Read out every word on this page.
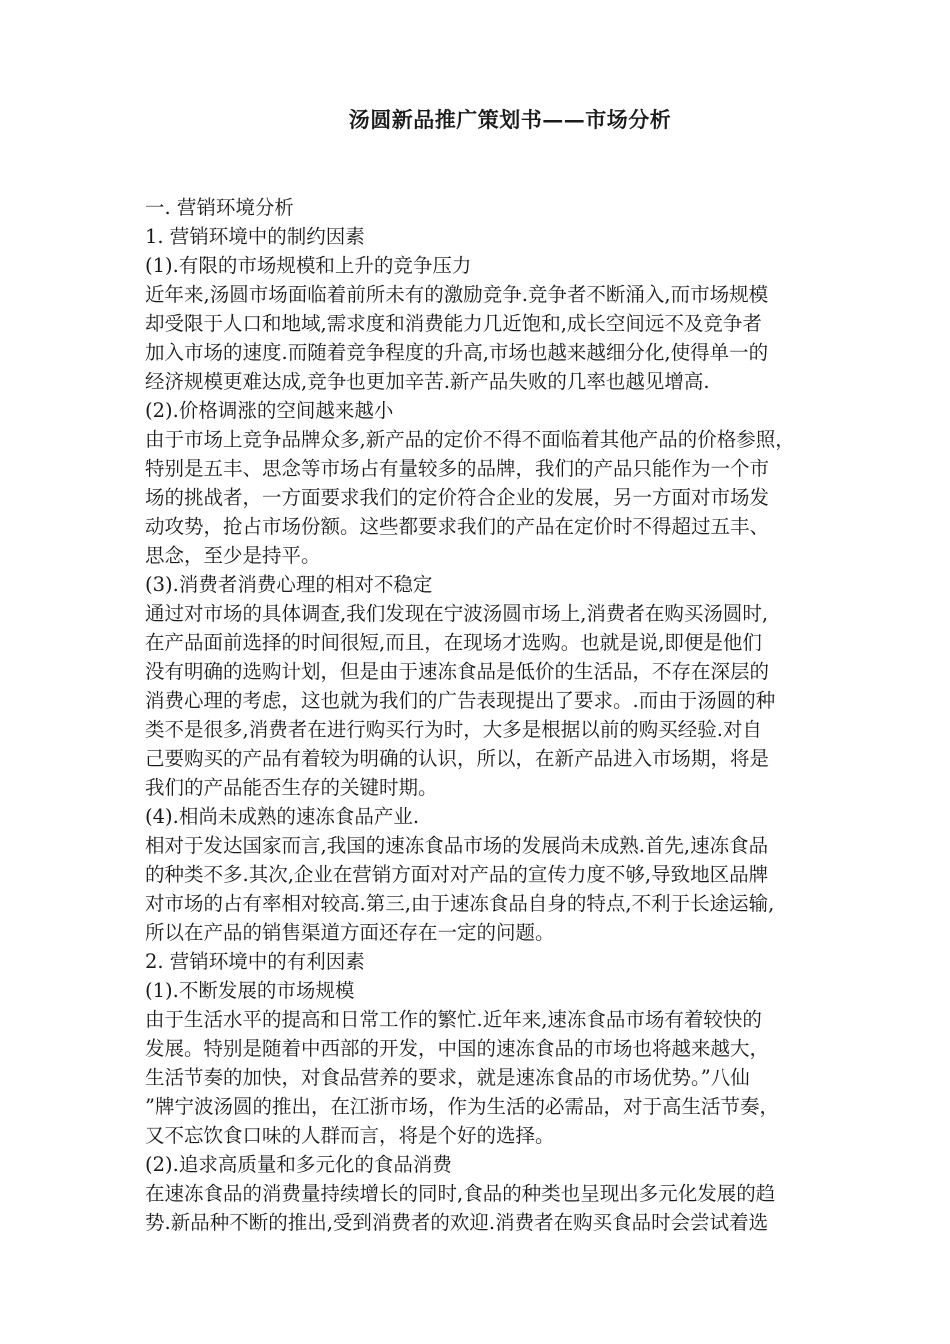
汤圆新品推广策划书——市场分析
一. 营销环境分析
1. 营销环境中的制约因素
(1).有限的市场规模和上升的竞争压力
近年来,汤圆市场面临着前所未有的激励竞争.竞争者不断涌入,而市场规模
却受限于人口和地域,需求度和消费能力几近饱和,成长空间远不及竞争者
加入市场的速度.而随着竞争程度的升高,市场也越来越细分化,使得单一的
经济规模更难达成,竞争也更加辛苦.新产品失败的几率也越见增高.
(2).价格调涨的空间越来越小
由于市场上竞争品牌众多,新产品的定价不得不面临着其他产品的价格参照，
特别是五丰、思念等市场占有量较多的品牌，我们的产品只能作为一个市
场的挑战者，一方面要求我们的定价符合企业的发展，另一方面对市场发
动攻势，抢占市场份额。这些都要求我们的产品在定价时不得超过五丰、
思念，至少是持平。
(3).消费者消费心理的相对不稳定
通过对市场的具体调查,我们发现在宁波汤圆市场上,消费者在购买汤圆时,
在产品面前选择的时间很短,而且，在现场才选购。也就是说,即便是他们
没有明确的选购计划，但是由于速冻食品是低价的生活品，不存在深层的
消费心理的考虑，这也就为我们的广告表现提出了要求。.而由于汤圆的种
类不是很多,消费者在进行购买行为时，大多是根据以前的购买经验.对自
己要购买的产品有着较为明确的认识，所以，在新产品进入市场期，将是
我们的产品能否生存的关键时期。
(4).相尚未成熟的速冻食品产业.
相对于发达国家而言,我国的速冻食品市场的发展尚未成熟.首先,速冻食品
的种类不多.其次,企业在营销方面对对产品的宣传力度不够,导致地区品牌
对市场的占有率相对较高.第三,由于速冻食品自身的特点,不利于长途运输,
所以在产品的销售渠道方面还存在一定的问题。
2. 营销环境中的有利因素
(1).不断发展的市场规模
由于生活水平的提高和日常工作的繁忙.近年来,速冻食品市场有着较快的
发展。特别是随着中西部的开发，中国的速冻食品的市场也将越来越大，
生活节奏的加快，对食品营养的要求，就是速冻食品的市场优势。”八仙
”牌宁波汤圆的推出，在江浙市场，作为生活的必需品，对于高生活节奏，
又不忘饮食口味的人群而言，将是个好的选择。
(2).追求高质量和多元化的食品消费
在速冻食品的消费量持续增长的同时,食品的种类也呈现出多元化发展的趋
势.新品种不断的推出,受到消费者的欢迎.消费者在购买食品时会尝试着选
